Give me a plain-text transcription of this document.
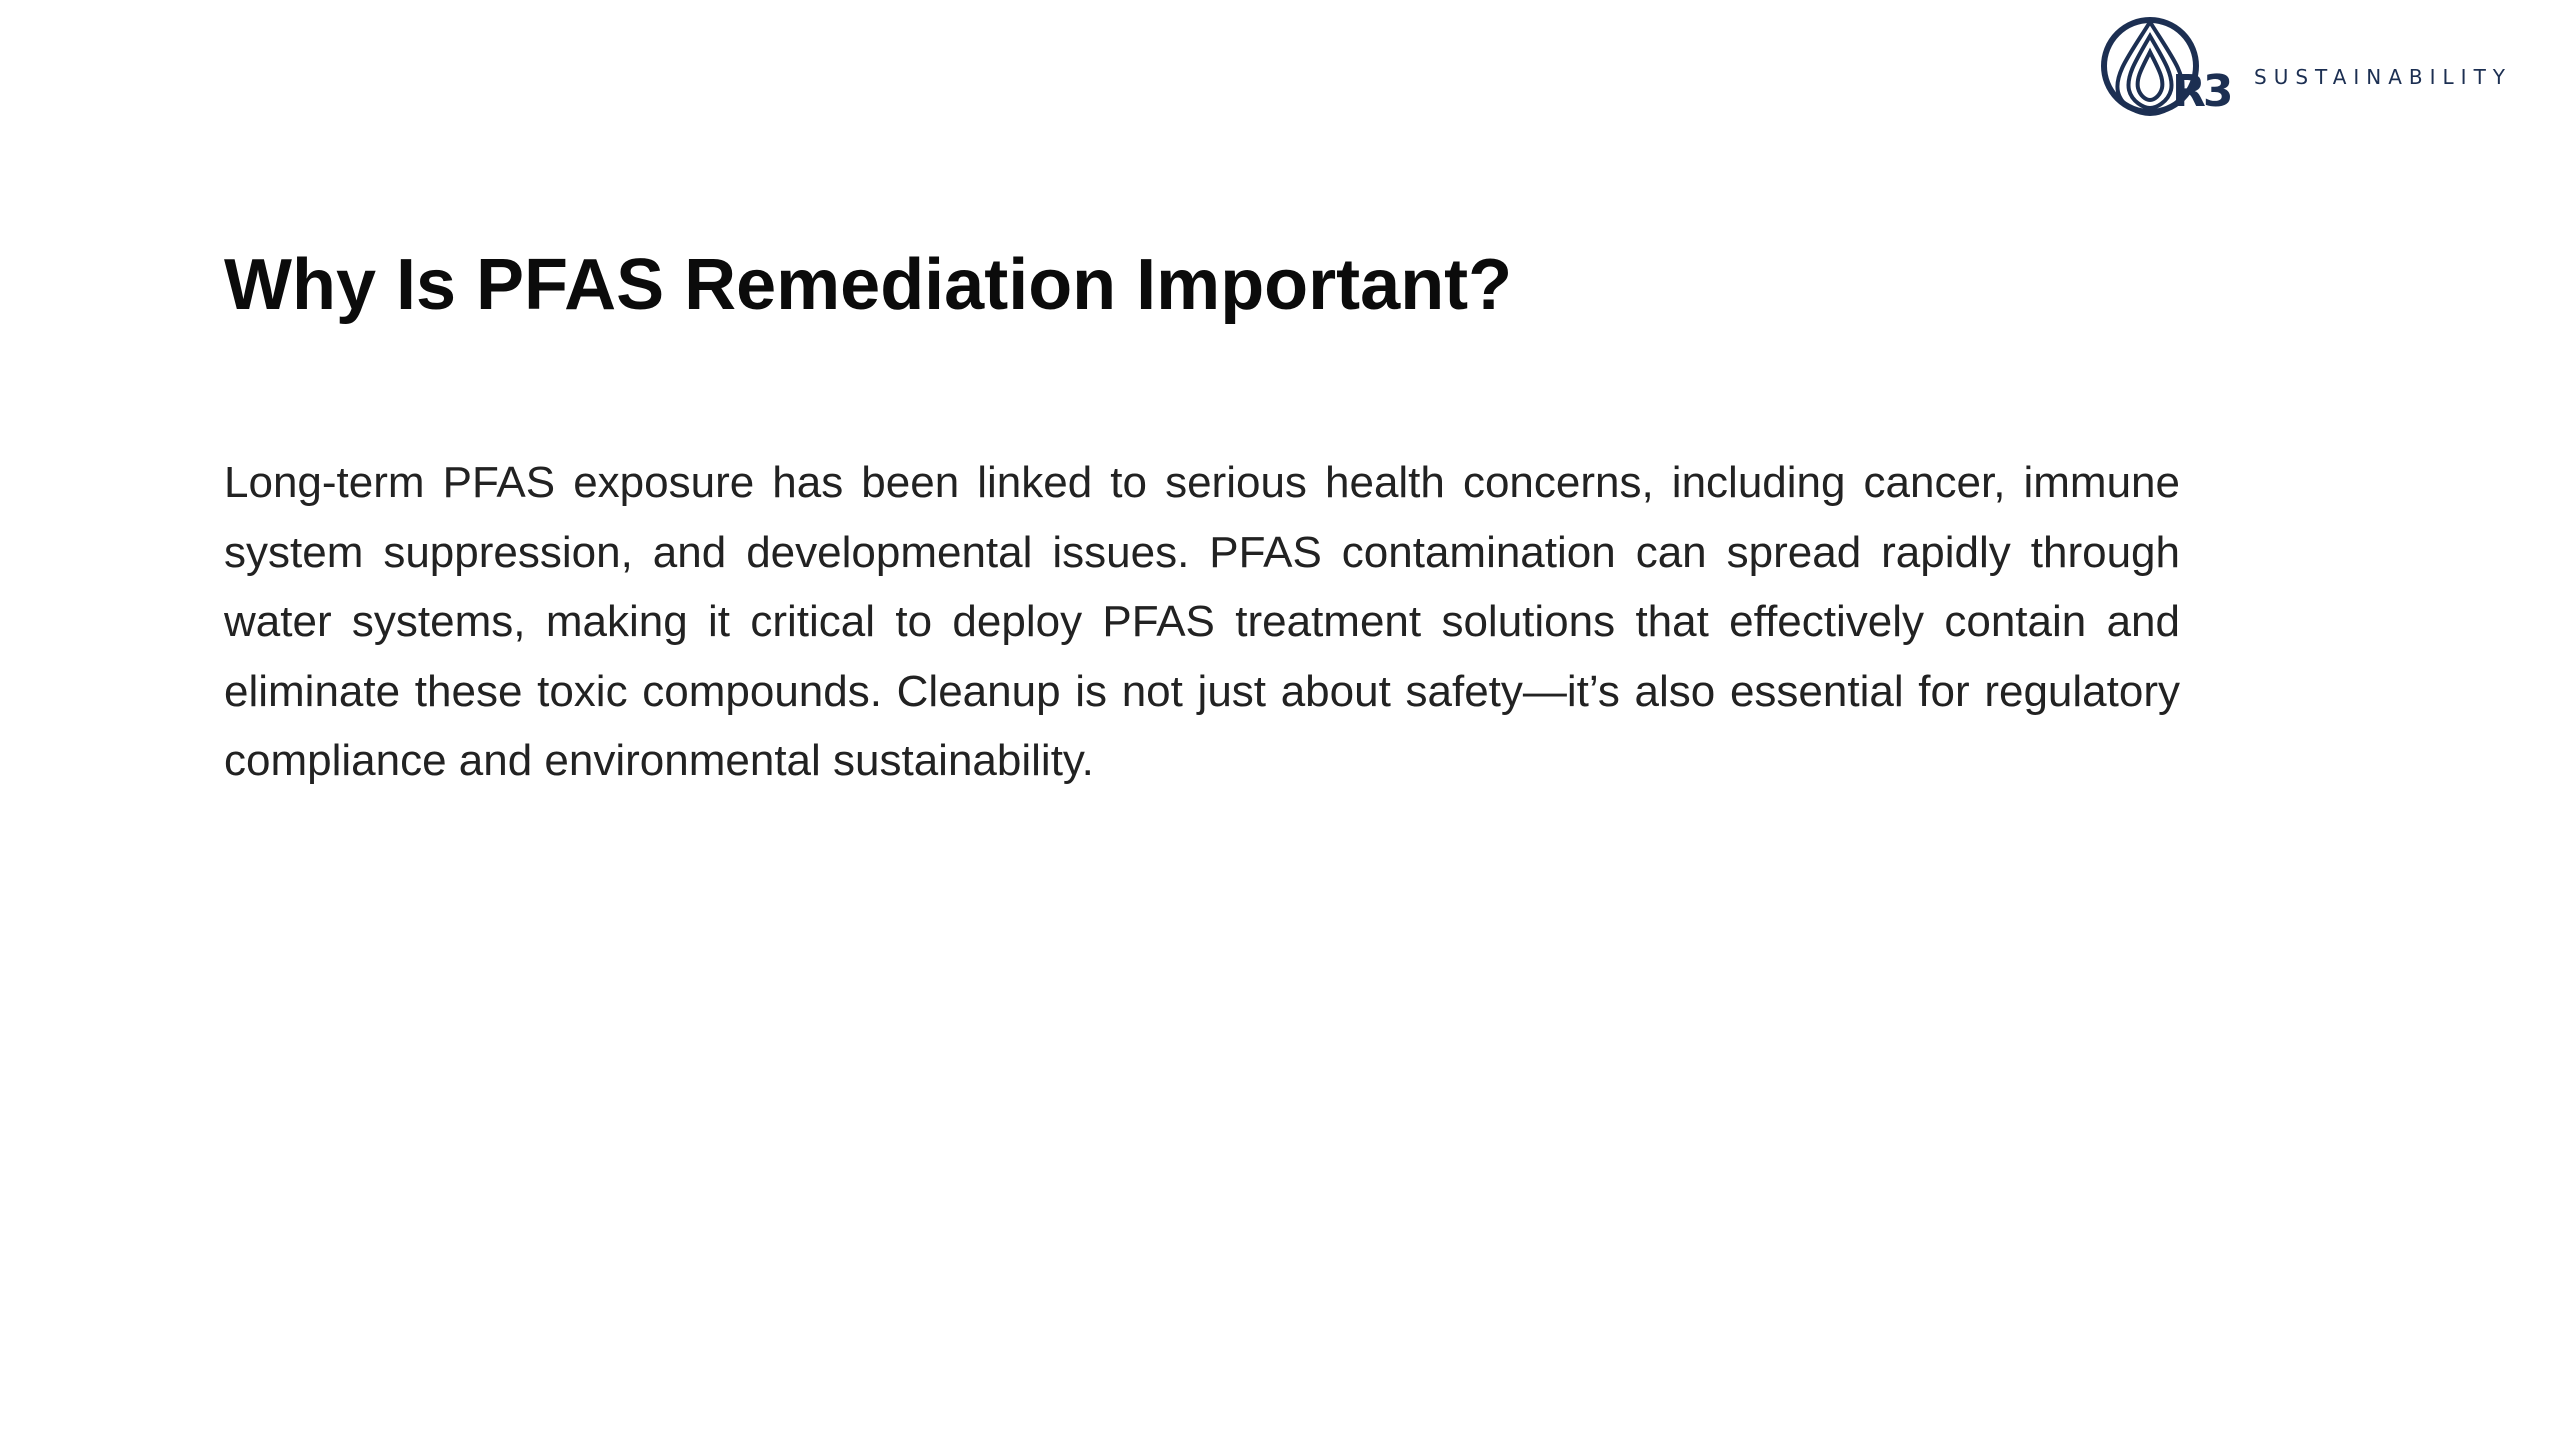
R3 SUSTAINABILITY
Why Is PFAS Remediation Important?

Long-term PFAS exposure has been linked to serious health concerns, including cancer, immune system suppression, and developmental issues. PFAS contamination can spread rapidly through water systems, making it critical to deploy PFAS treatment solutions that effectively contain and eliminate these toxic compounds. Cleanup is not just about safety—it’s also essential for regulatory compliance and environmental sustainability.
